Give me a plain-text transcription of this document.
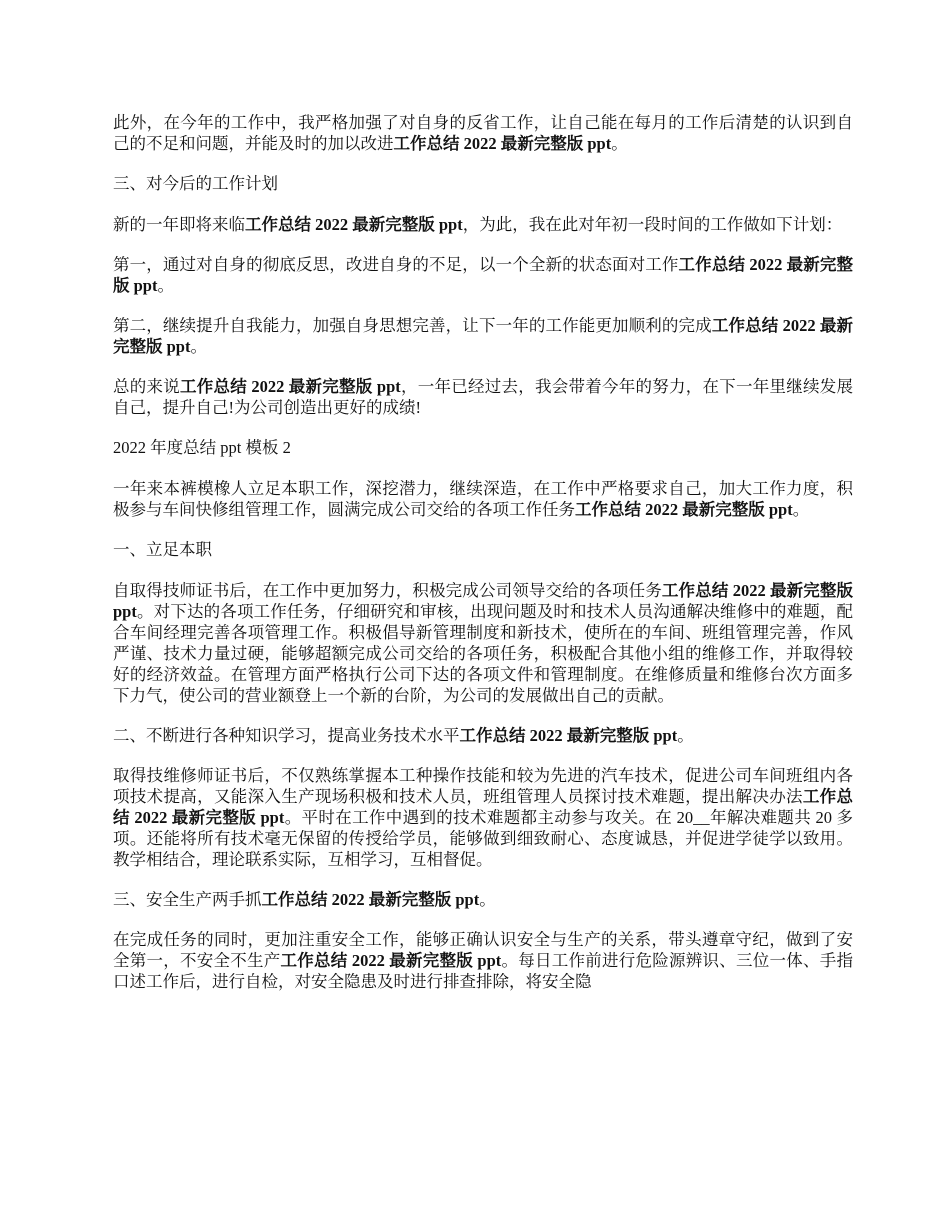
此外，在今年的工作中，我严格加强了对自身的反省工作，让自己能在每月的工作后清楚的认识到自己的不足和问题，并能及时的加以改进工作总结 2022 最新完整版 ppt。

三、对今后的工作计划

新的一年即将来临工作总结 2022 最新完整版 ppt，为此，我在此对年初一段时间的工作做如下计划：

第一，通过对自身的彻底反思，改进自身的不足，以一个全新的状态面对工作工作总结 2022 最新完整版 ppt。

第二，继续提升自我能力，加强自身思想完善，让下一年的工作能更加顺利的完成工作总结 2022 最新完整版 ppt。

总的来说工作总结 2022 最新完整版 ppt，一年已经过去，我会带着今年的努力，在下一年里继续发展自己，提升自己!为公司创造出更好的成绩!

2022 年度总结 ppt 模板 2

一年来本裤模橡人立足本职工作，深挖潜力，继续深造，在工作中严格要求自己，加大工作力度，积极参与车间快修组管理工作，圆满完成公司交给的各项工作任务工作总结 2022 最新完整版 ppt。

一、立足本职

自取得技师证书后，在工作中更加努力，积极完成公司领导交给的各项任务工作总结 2022 最新完整版 ppt。对下达的各项工作任务，仔细研究和审核，出现问题及时和技术人员沟通解决维修中的难题，配合车间经理完善各项管理工作。积极倡导新管理制度和新技术，使所在的车间、班组管理完善，作风严谨、技术力量过硬，能够超额完成公司交给的各项任务，积极配合其他小组的维修工作，并取得较好的经济效益。在管理方面严格执行公司下达的各项文件和管理制度。在维修质量和维修台次方面多下力气，使公司的营业额登上一个新的台阶，为公司的发展做出自己的贡献。

二、不断进行各种知识学习，提高业务技术水平工作总结 2022 最新完整版 ppt。

取得技维修师证书后，不仅熟练掌握本工种操作技能和较为先进的汽车技术，促进公司车间班组内各项技术提高，又能深入生产现场积极和技术人员，班组管理人员探讨技术难题，提出解决办法工作总结 2022 最新完整版 ppt。平时在工作中遇到的技术难题都主动参与攻关。在 20__年解决难题共 20 多项。还能将所有技术毫无保留的传授给学员，能够做到细致耐心、态度诚恳，并促进学徒学以致用。教学相结合，理论联系实际，互相学习，互相督促。

三、安全生产两手抓工作总结 2022 最新完整版 ppt。

在完成任务的同时，更加注重安全工作，能够正确认识安全与生产的关系，带头遵章守纪，做到了安全第一，不安全不生产工作总结 2022 最新完整版 ppt。每日工作前进行危险源辨识、三位一体、手指口述工作后，进行自检，对安全隐患及时进行排查排除，将安全隐
